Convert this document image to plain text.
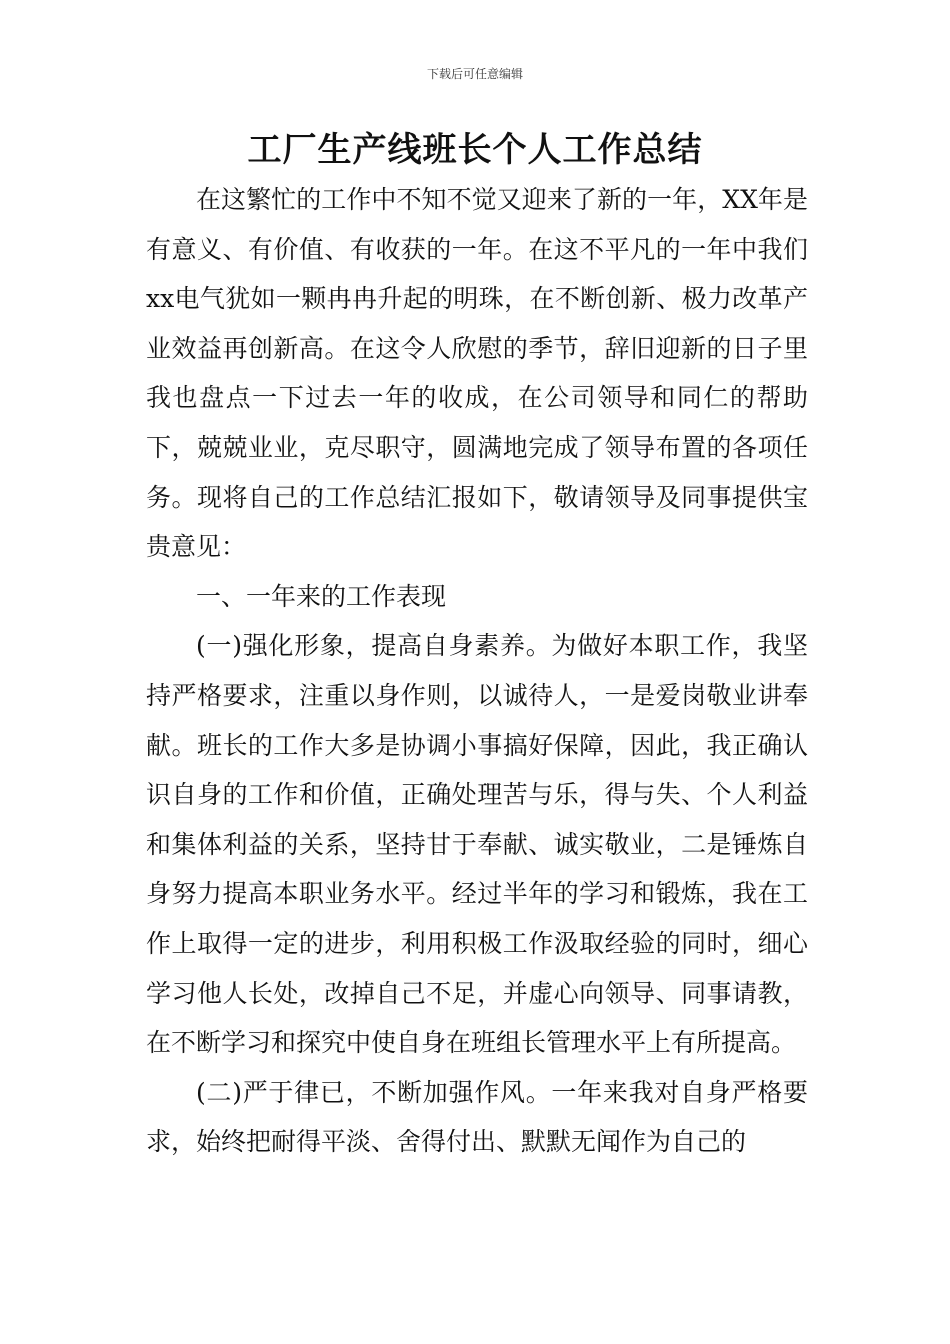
下载后可任意编辑
工厂生产线班长个人工作总结

在这繁忙的工作中不知不觉又迎来了新的一年，XX年是有意义、有价值、有收获的一年。在这不平凡的一年中我们xx电气犹如一颗冉冉升起的明珠，在不断创新、极力改革产业效益再创新高。在这令人欣慰的季节，辞旧迎新的日子里我也盘点一下过去一年的收成，在公司领导和同仁的帮助下，兢兢业业，克尽职守，圆满地完成了领导布置的各项任务。现将自己的工作总结汇报如下，敬请领导及同事提供宝贵意见：

一、一年来的工作表现

(一)强化形象，提高自身素养。为做好本职工作，我坚持严格要求，注重以身作则，以诚待人，一是爱岗敬业讲奉献。班长的工作大多是协调小事搞好保障，因此，我正确认识自身的工作和价值，正确处理苦与乐，得与失、个人利益和集体利益的关系，坚持甘于奉献、诚实敬业，二是锤炼自身努力提高本职业务水平。经过半年的学习和锻炼，我在工作上取得一定的进步，利用积极工作汲取经验的同时，细心学习他人长处，改掉自己不足，并虚心向领导、同事请教，在不断学习和探究中使自身在班组长管理水平上有所提高。

(二)严于律已，不断加强作风。一年来我对自身严格要求，始终把耐得平淡、舍得付出、默默无闻作为自己的
